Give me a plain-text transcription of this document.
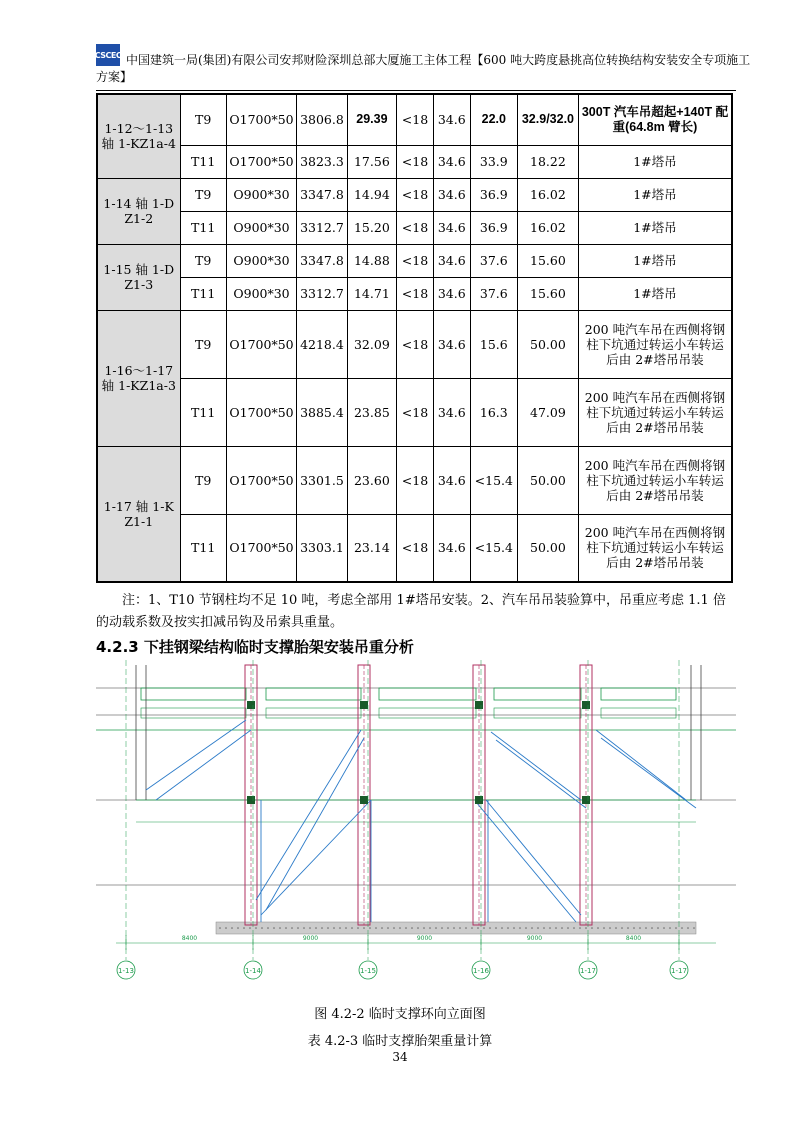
CSCEC 中国建筑一局(集团)有限公司安邦财险深圳总部大厦施工主体工程【600 吨大跨度悬挑高位转换结构安装安全专项施工
方案】
1-12～1-13 轴 1-KZ1a-4	T9	O1700*50	3806.8	29.39	<18	34.6	22.0	32.9/32.0	300T 汽车吊超起+140T 配重(64.8m 臂长)
	T11	O1700*50	3823.3	17.56	<18	34.6	33.9	18.22	1#塔吊
1-14 轴 1-DZ1-2	T9	O900*30	3347.8	14.94	<18	34.6	36.9	16.02	1#塔吊
	T11	O900*30	3312.7	15.20	<18	34.6	36.9	16.02	1#塔吊
1-15 轴 1-DZ1-3	T9	O900*30	3347.8	14.88	<18	34.6	37.6	15.60	1#塔吊
	T11	O900*30	3312.7	14.71	<18	34.6	37.6	15.60	1#塔吊
1-16～1-17 轴 1-KZ1a-3	T9	O1700*50	4218.4	32.09	<18	34.6	15.6	50.00	200 吨汽车吊在西侧将钢柱下坑通过转运小车转运后由 2#塔吊吊装
	T11	O1700*50	3885.4	23.85	<18	34.6	16.3	47.09	200 吨汽车吊在西侧将钢柱下坑通过转运小车转运后由 2#塔吊吊装
1-17 轴 1-KZ1-1	T9	O1700*50	3301.5	23.60	<18	34.6	<15.4	50.00	200 吨汽车吊在西侧将钢柱下坑通过转运小车转运后由 2#塔吊吊装
	T11	O1700*50	3303.1	23.14	<18	34.6	<15.4	50.00	200 吨汽车吊在西侧将钢柱下坑通过转运小车转运后由 2#塔吊吊装
注：1、T10 节钢柱均不足 10 吨，考虑全部用 1#塔吊安装。2、汽车吊吊装验算中，吊重应考虑 1.1 倍的动载系数及按实扣减吊钩及吊索具重量。
4.2.3 下挂钢梁结构临时支撑胎架安装吊重分析
1-13	1-14	1-15	1-16	1-17	1-17
8400	9000	9000	9000	8400
图 4.2-2 临时支撑环向立面图
表 4.2-3 临时支撑胎架重量计算
34
